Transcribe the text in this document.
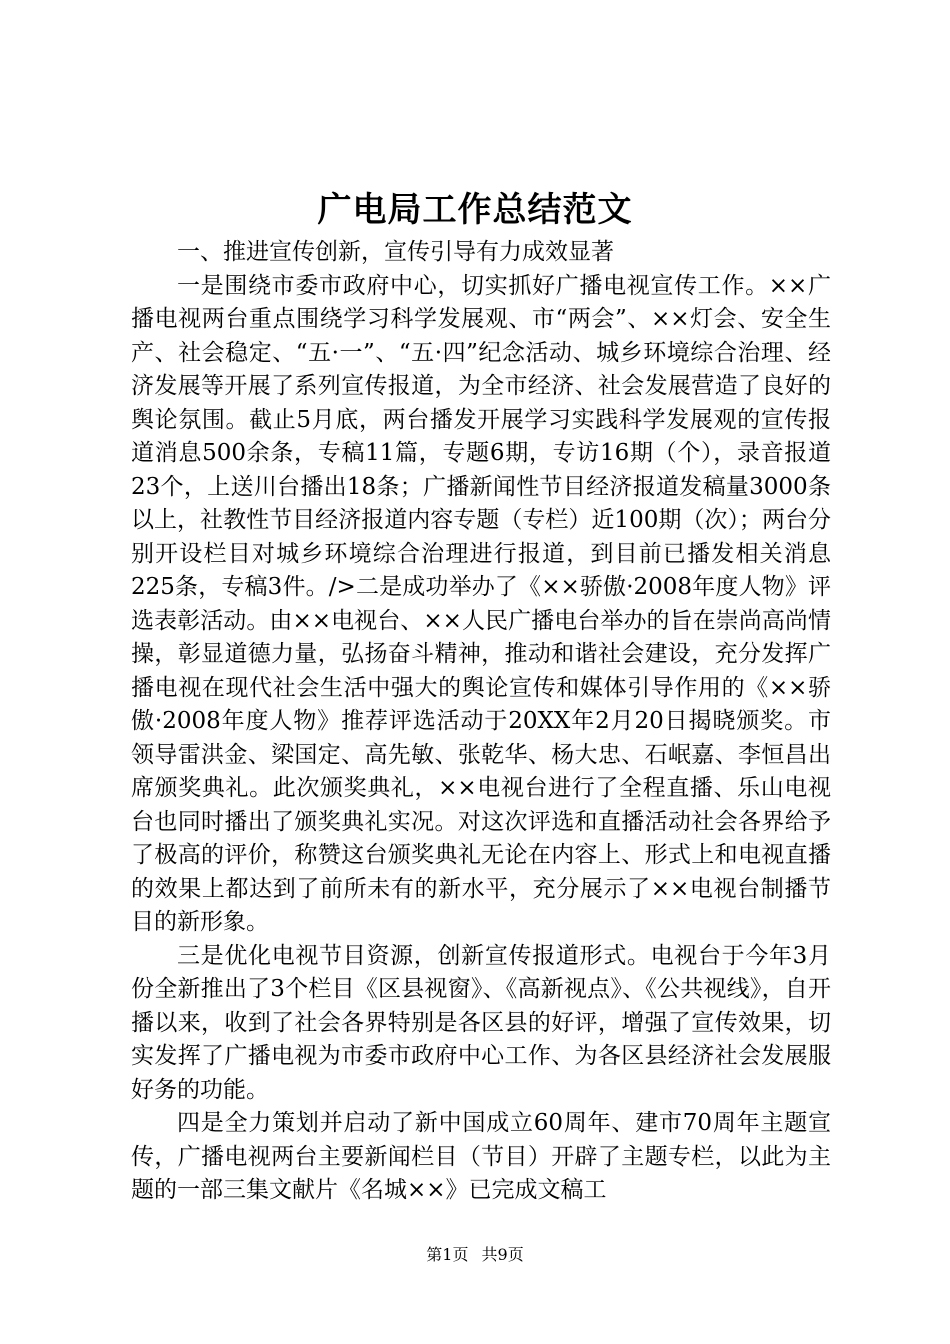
广电局工作总结范文

一、推进宣传创新，宣传引导有力成效显著

一是围绕市委市政府中心，切实抓好广播电视宣传工作。××广播电视两台重点围绕学习科学发展观、市“两会”、××灯会、安全生产、社会稳定、“五·一”、“五·四”纪念活动、城乡环境综合治理、经济发展等开展了系列宣传报道，为全市经济、社会发展营造了良好的舆论氛围。截止5月底，两台播发开展学习实践科学发展观的宣传报道消息500余条，专稿11篇，专题6期，专访16期（个），录音报道23个，上送川台播出18条；广播新闻性节目经济报道发稿量3000条以上，社教性节目经济报道内容专题（专栏）近100期（次）；两台分别开设栏目对城乡环境综合治理进行报道，到目前已播发相关消息225条，专稿3件。/>二是成功举办了《××骄傲·2008年度人物》评选表彰活动。由××电视台、××人民广播电台举办的旨在崇尚高尚情操，彰显道德力量，弘扬奋斗精神，推动和谐社会建设，充分发挥广播电视在现代社会生活中强大的舆论宣传和媒体引导作用的《××骄傲·2008年度人物》推荐评选活动于20XX年2月20日揭晓颁奖。市领导雷洪金、梁国定、高先敏、张乾华、杨大忠、石岷嘉、李恒昌出席颁奖典礼。此次颁奖典礼，××电视台进行了全程直播、乐山电视台也同时播出了颁奖典礼实况。对这次评选和直播活动社会各界给予了极高的评价，称赞这台颁奖典礼无论在内容上、形式上和电视直播的效果上都达到了前所未有的新水平，充分展示了××电视台制播节目的新形象。

三是优化电视节目资源，创新宣传报道形式。电视台于今年3月份全新推出了3个栏目《区县视窗》、《高新视点》、《公共视线》，自开播以来，收到了社会各界特别是各区县的好评，增强了宣传效果，切实发挥了广播电视为市委市政府中心工作、为各区县经济社会发展服好务的功能。

四是全力策划并启动了新中国成立60周年、建市70周年主题宣传，广播电视两台主要新闻栏目（节目）开辟了主题专栏，以此为主题的一部三集文献片《名城××》已完成文稿工

第1页 共9页
